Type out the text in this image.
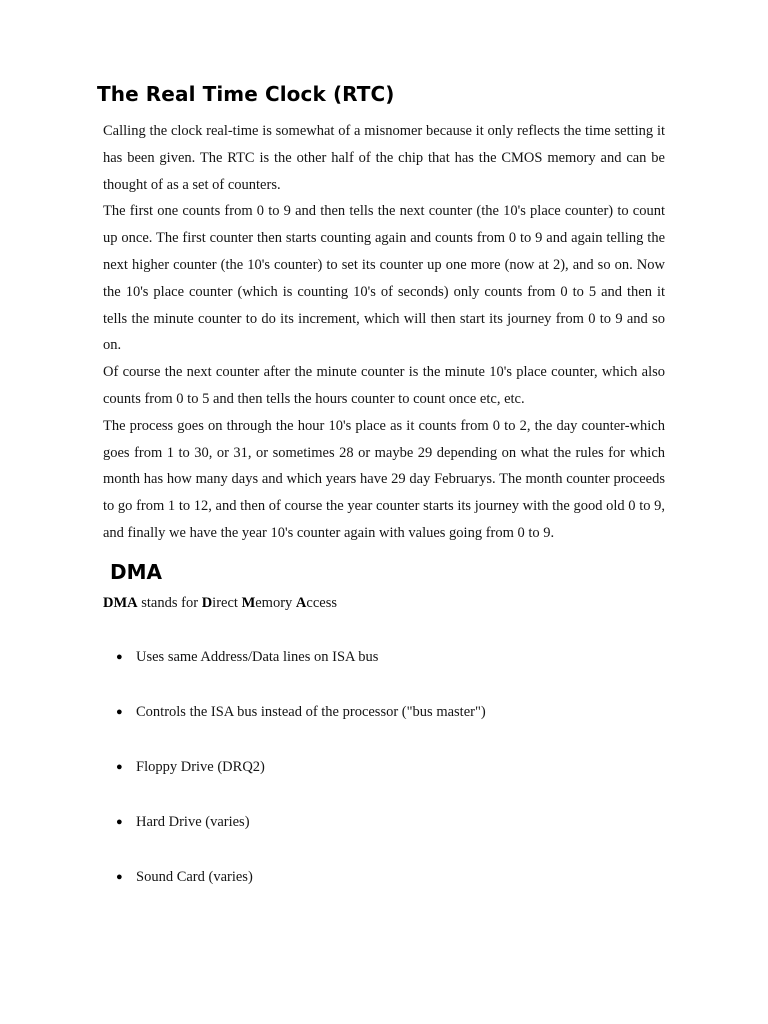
The Real Time Clock (RTC)

Calling the clock real-time is somewhat of a misnomer because it only reflects the time setting it has been given. The RTC is the other half of the chip that has the CMOS memory and can be thought of as a set of counters.

The first one counts from 0 to 9 and then tells the next counter (the 10's place counter) to count up once. The first counter then starts counting again and counts from 0 to 9 and again telling the next higher counter (the 10's counter) to set its counter up one more (now at 2), and so on. Now the 10's place counter (which is counting 10's of seconds) only counts from 0 to 5 and then it tells the minute counter to do its increment, which will then start its journey from 0 to 9 and so on.

Of course the next counter after the minute counter is the minute 10's place counter, which also counts from 0 to 5 and then tells the hours counter to count once etc, etc.

The process goes on through the hour 10's place as it counts from 0 to 2, the day counter-which goes from 1 to 30, or 31, or sometimes 28 or maybe 29 depending on what the rules for which month has how many days and which years have 29 day Februarys. The month counter proceeds to go from 1 to 12, and then of course the year counter starts its journey with the good old 0 to 9, and finally we have the year 10's counter again with values going from 0 to 9.

DMA

DMA stands for Direct Memory Access

● Uses same Address/Data lines on ISA bus
● Controls the ISA bus instead of the processor ("bus master")
● Floppy Drive (DRQ2)
● Hard Drive (varies)
● Sound Card (varies)
